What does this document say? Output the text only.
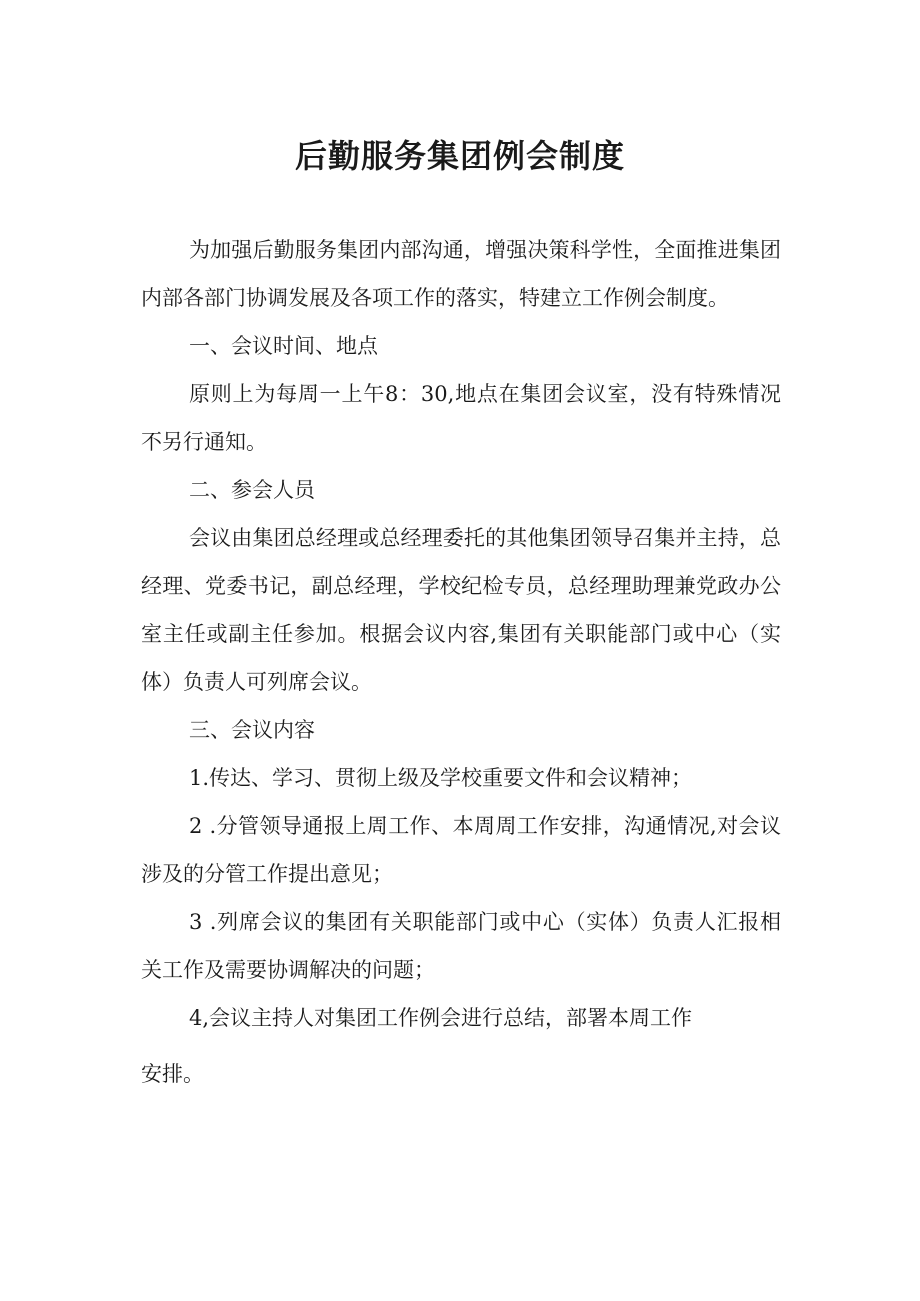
后勤服务集团例会制度

为加强后勤服务集团内部沟通，增强决策科学性，全面推进集团内部各部门协调发展及各项工作的落实，特建立工作例会制度。

一、会议时间、地点

原则上为每周一上午8：30,地点在集团会议室，没有特殊情况不另行通知。

二、参会人员

会议由集团总经理或总经理委托的其他集团领导召集并主持，总经理、党委书记，副总经理，学校纪检专员，总经理助理兼党政办公室主任或副主任参加。根据会议内容,集团有关职能部门或中心（实体）负责人可列席会议。

三、会议内容

1.传达、学习、贯彻上级及学校重要文件和会议精神；

2 .分管领导通报上周工作、本周周工作安排，沟通情况,对会议涉及的分管工作提出意见；

3 .列席会议的集团有关职能部门或中心（实体）负责人汇报相关工作及需要协调解决的问题；

4,会议主持人对集团工作例会进行总结，部署本周工作
安排。
